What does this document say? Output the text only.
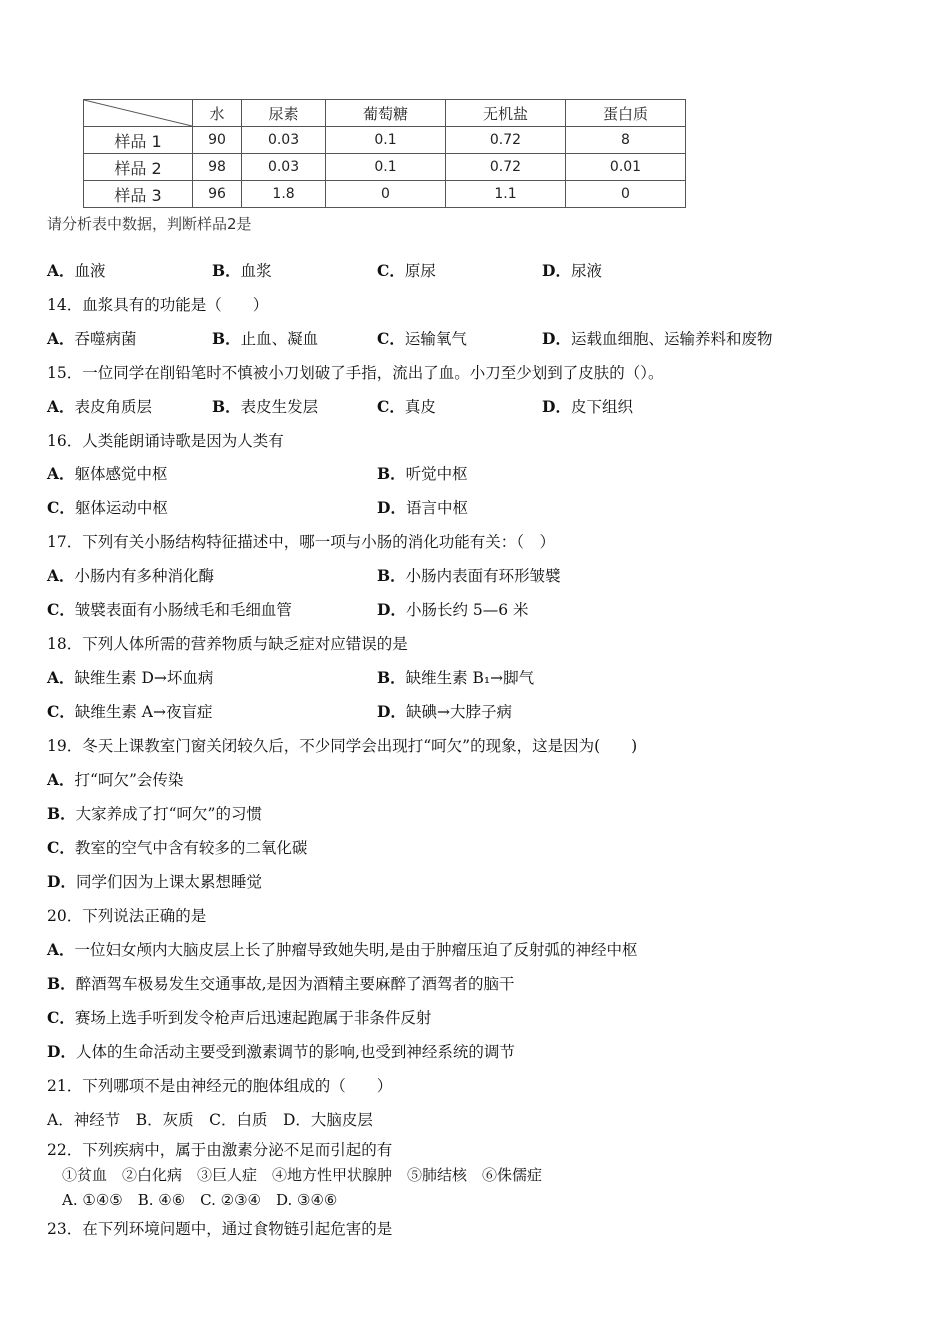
	水	尿素	葡萄糖	无机盐	蛋白质
样品 1	90	0.03	0.1	0.72	8
样品 2	98	0.03	0.1	0.72	0.01
样品 3	96	1.8	0	1.1	0
请分析表中数据，判断样品2是
A．血液	B．血浆	C．原尿	D．尿液
14．血浆具有的功能是（　　）
A．吞噬病菌	B．止血、凝血	C．运输氧气	D．运载血细胞、运输养料和废物
15．一位同学在削铅笔时不慎被小刀划破了手指，流出了血。小刀至少划到了皮肤的（）。
A．表皮角质层	B．表皮生发层	C．真皮	D．皮下组织
16．人类能朗诵诗歌是因为人类有
A．躯体感觉中枢	B．听觉中枢
C．躯体运动中枢	D．语言中枢
17．下列有关小肠结构特征描述中，哪一项与小肠的消化功能有关：（　）
A．小肠内有多种消化酶	B．小肠内表面有环形皱襞
C．皱襞表面有小肠绒毛和毛细血管	D．小肠长约 5—6 米
18．下列人体所需的营养物质与缺乏症对应错误的是
A．缺维生素 D→坏血病	B．缺维生素 B₁→脚气
C．缺维生素 A→夜盲症	D．缺碘→大脖子病
19．冬天上课教室门窗关闭较久后，不少同学会出现打“呵欠”的现象，这是因为(　　)
A．打“呵欠”会传染
B．大家养成了打“呵欠”的习惯
C．教室的空气中含有较多的二氧化碳
D．同学们因为上课太累想睡觉
20．下列说法正确的是
A．一位妇女颅内大脑皮层上长了肿瘤导致她失明,是由于肿瘤压迫了反射弧的神经中枢
B．醉酒驾车极易发生交通事故,是因为酒精主要麻醉了酒驾者的脑干
C．赛场上选手听到发令枪声后迅速起跑属于非条件反射
D．人体的生命活动主要受到激素调节的影响,也受到神经系统的调节
21．下列哪项不是由神经元的胞体组成的（　　）
A．神经节　B．灰质　C．白质　D．大脑皮层
22．下列疾病中，属于由激素分泌不足而引起的有
①贫血　②白化病　③巨人症　④地方性甲状腺肿　⑤肺结核　⑥侏儒症
A. ①④⑤　B. ④⑥　C. ②③④　D. ③④⑥
23．在下列环境问题中，通过食物链引起危害的是
